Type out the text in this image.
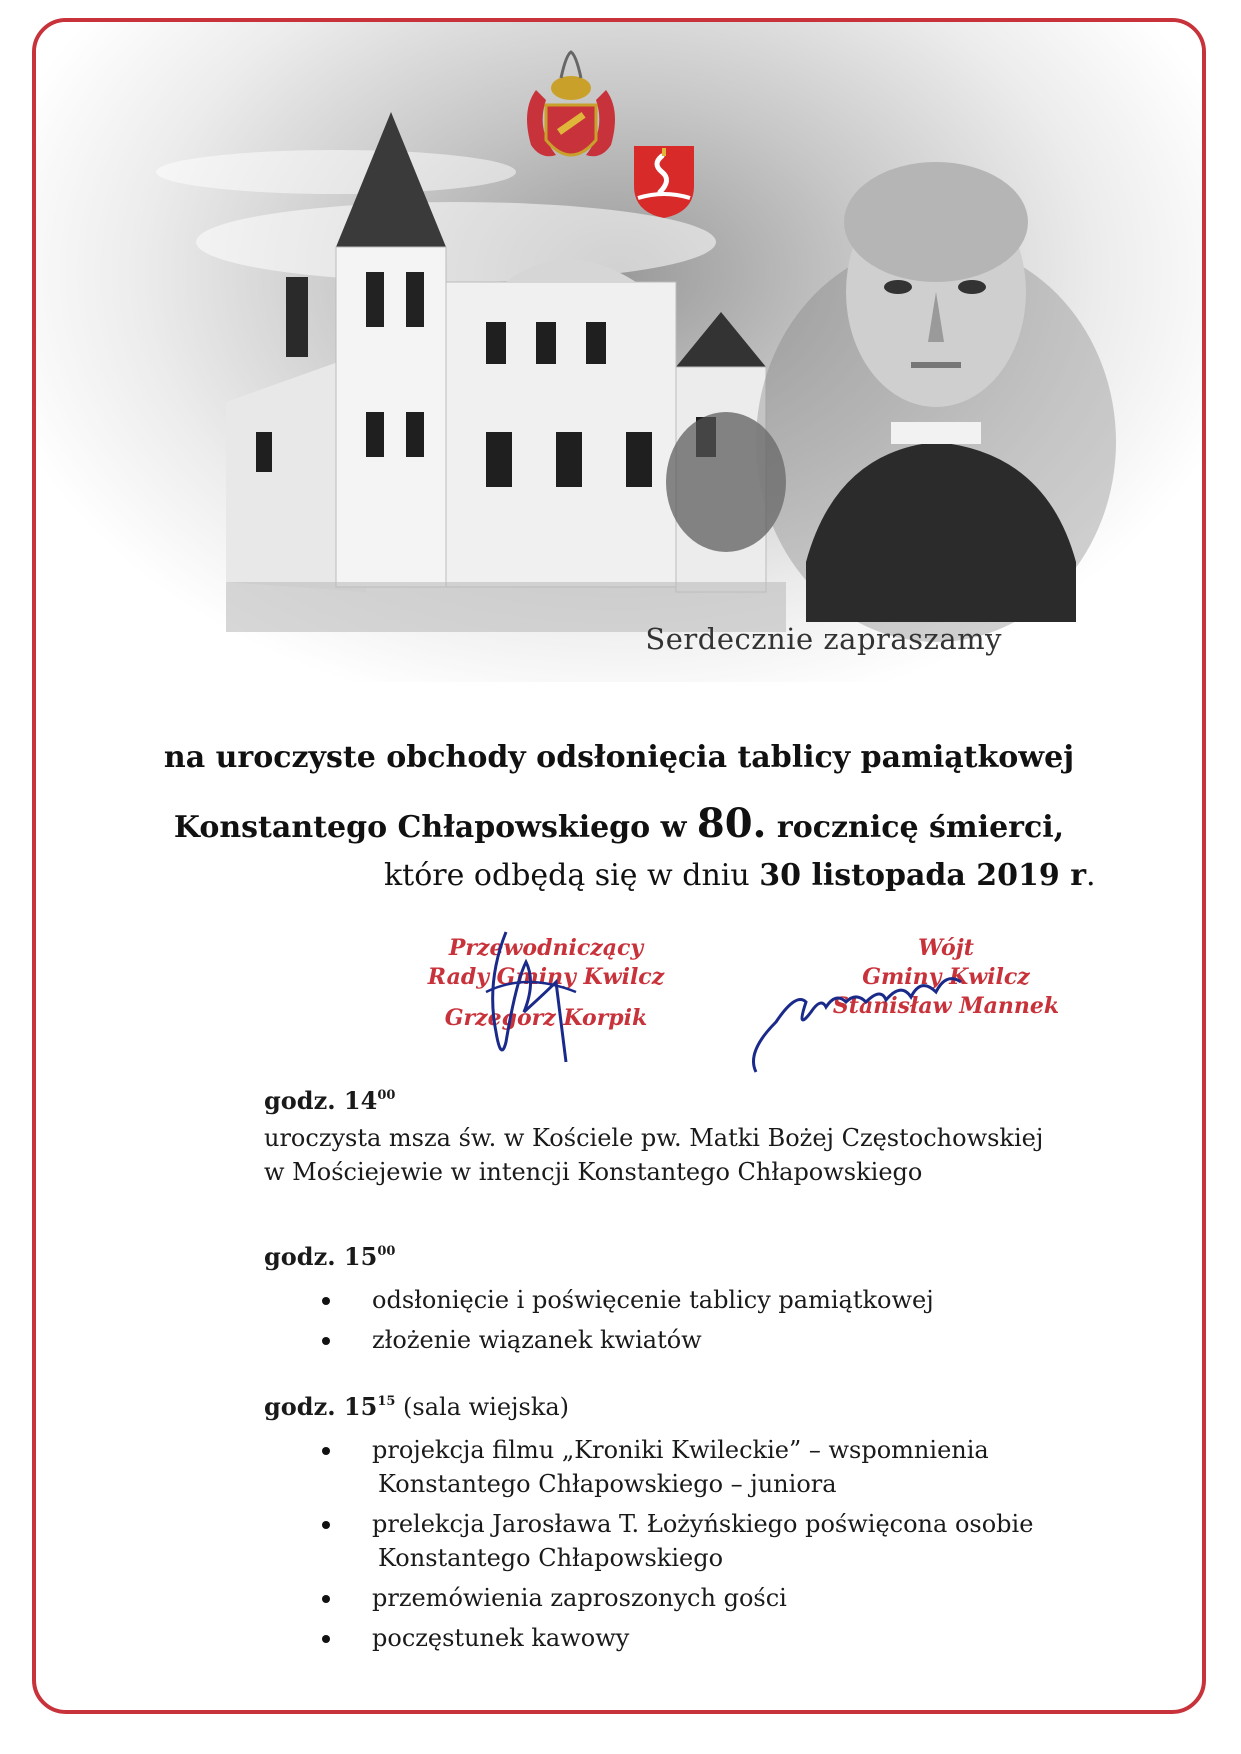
Serdecznie zapraszamy
na uroczyste obchody odsłonięcia tablicy pamiątkowej
Konstantego Chłapowskiego w 80. rocznicę śmierci,
które odbędą się w dniu 30 listopada 2019 r.
Przewodniczący
Rady Gminy Kwilcz
Grzegorz Korpik
Wójt
Gminy Kwilcz
Stanisław Mannek
godz. $14^{00}$
uroczysta msza św. w Kościele pw. Matki Bożej Częstochowskiej
w Mościejewie w intencji Konstantego Chłapowskiego
godz. $15^{00}$
odsłonięcie i poświęcenie tablicy pamiątkowej
złożenie wiązanek kwiatów
godz. $15^{15}$ (sala wiejska)
projekcja filmu „Kroniki Kwileckie” – wspomnienia
Konstantego Chłapowskiego – juniora
prelekcja Jarosława T. Łożyńskiego poświęcona osobie
Konstantego Chłapowskiego
przemówienia zaproszonych gości
poczęstunek kawowy
